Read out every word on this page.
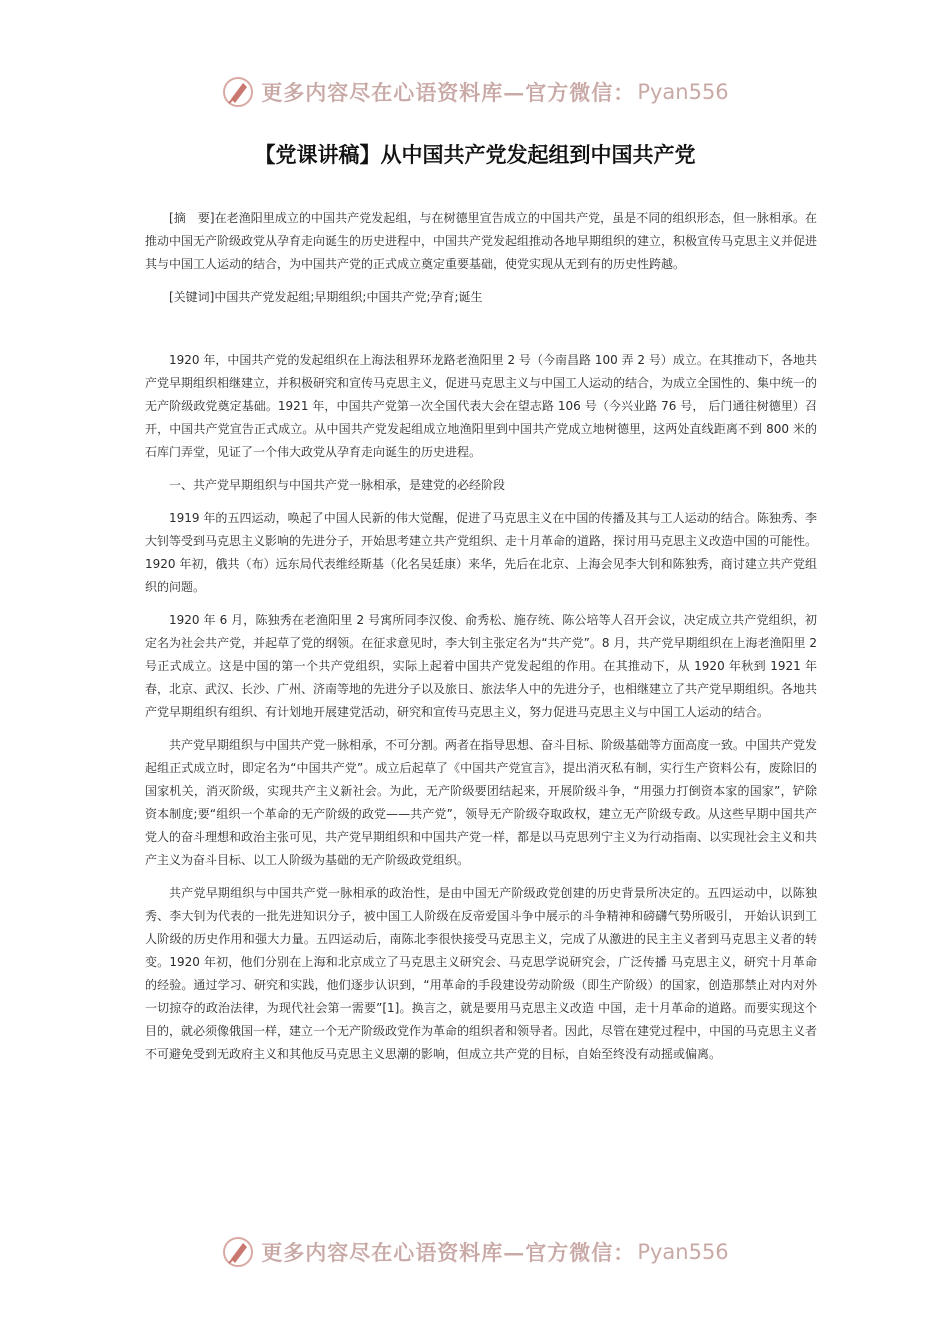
更多内容尽在心语资料库—官方微信： Pyan556
【党课讲稿】从中国共产党发起组到中国共产党

[摘　要]在老渔阳里成立的中国共产党发起组，与在树德里宣告成立的中国共产党，虽是不同的组织形态，但一脉相承。在推动中国无产阶级政党从孕育走向诞生的历史进程中，中国共产党发起组推动各地早期组织的建立，积极宣传马克思主义并促进其与中国工人运动的结合，为中国共产党的正式成立奠定重要基础，使党实现从无到有的历史性跨越。

[关键词]中国共产党发起组;早期组织;中国共产党;孕育;诞生

1920 年，中国共产党的发起组织在上海法租界环龙路老渔阳里 2 号（今南昌路 100 弄 2 号）成立。在其推动下，各地共产党早期组织相继建立，并积极研究和宣传马克思主义，促进马克思主义与中国工人运动的结合，为成立全国性的、集中统一的无产阶级政党奠定基础。1921 年，中国共产党第一次全国代表大会在望志路 106 号（今兴业路 76 号， 后门通往树德里）召开，中国共产党宣告正式成立。从中国共产党发起组成立地渔阳里到中国共产党成立地树德里，这两处直线距离不到 800 米的石库门弄堂，见证了一个伟大政党从孕育走向诞生的历史进程。

一、共产党早期组织与中国共产党一脉相承，是建党的必经阶段

1919 年的五四运动，唤起了中国人民新的伟大觉醒，促进了马克思主义在中国的传播及其与工人运动的结合。陈独秀、李大钊等受到马克思主义影响的先进分子，开始思考建立共产党组织、走十月革命的道路，探讨用马克思主义改造中国的可能性。1920 年初，俄共（布）远东局代表维经斯基（化名吴廷康）来华，先后在北京、上海会见李大钊和陈独秀，商讨建立共产党组织的问题。

1920 年 6 月，陈独秀在老渔阳里 2 号寓所同李汉俊、俞秀松、施存统、陈公培等人召开会议，决定成立共产党组织，初定名为社会共产党，并起草了党的纲领。在征求意见时，李大钊主张定名为“共产党”。8 月，共产党早期组织在上海老渔阳里 2 号正式成立。这是中国的第一个共产党组织，实际上起着中国共产党发起组的作用。在其推动下，从 1920 年秋到 1921 年春，北京、武汉、长沙、广州、济南等地的先进分子以及旅日、旅法华人中的先进分子，也相继建立了共产党早期组织。各地共产党早期组织有组织、有计划地开展建党活动，研究和宣传马克思主义，努力促进马克思主义与中国工人运动的结合。

共产党早期组织与中国共产党一脉相承，不可分割。两者在指导思想、奋斗目标、阶级基础等方面高度一致。中国共产党发起组正式成立时，即定名为“中国共产党”。成立后起草了《中国共产党宣言》，提出消灭私有制，实行生产资料公有，废除旧的国家机关，消灭阶级，实现共产主义新社会。为此，无产阶级要团结起来，开展阶级斗争，“用强力打倒资本家的国家”，铲除资本制度;要“组织一个革命的无产阶级的政党——共产党”，领导无产阶级夺取政权，建立无产阶级专政。从这些早期中国共产党人的奋斗理想和政治主张可见，共产党早期组织和中国共产党一样，都是以马克思列宁主义为行动指南、以实现社会主义和共产主义为奋斗目标、以工人阶级为基础的无产阶级政党组织。

共产党早期组织与中国共产党一脉相承的政治性，是由中国无产阶级政党创建的历史背景所决定的。五四运动中，以陈独秀、李大钊为代表的一批先进知识分子，被中国工人阶级在反帝爱国斗争中展示的斗争精神和磅礴气势所吸引， 开始认识到工人阶级的历史作用和强大力量。五四运动后，南陈北李很快接受马克思主义，完成了从激进的民主主义者到马克思主义者的转变。1920 年初，他们分别在上海和北京成立了马克思主义研究会、马克思学说研究会，广泛传播 马克思主义，研究十月革命的经验。通过学习、研究和实践，他们逐步认识到，“用革命的手段建设劳动阶级（即生产阶级）的国家，创造那禁止对内对外一切掠夺的政治法律，为现代社会第一需要”[1]。换言之，就是要用马克思主义改造 中国，走十月革命的道路。而要实现这个目的，就必须像俄国一样，建立一个无产阶级政党作为革命的组织者和领导者。因此，尽管在建党过程中，中国的马克思主义者不可避免受到无政府主义和其他反马克思主义思潮的影响，但成立共产党的目标，自始至终没有动摇或偏离。

更多内容尽在心语资料库—官方微信： Pyan556
